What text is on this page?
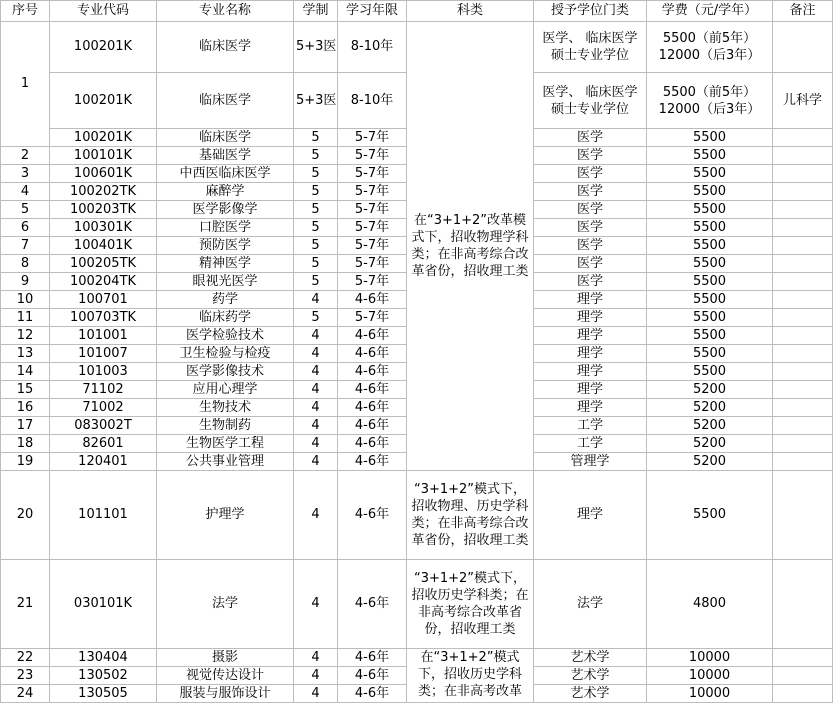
序号	专业代码	专业名称	学制	学习年限	科类	授予学位门类	学费（元/学年）	备注
1	100201K	临床医学	5+3医	8-10年	在“3+1+2”改革模式下，招收物理学科类；在非高考综合改革省份，招收理工类	医学、 临床医学硕士专业学位	5500（前5年）12000（后3年）	
	100201K	临床医学	5+3医	8-10年		医学、 临床医学硕士专业学位	5500（前5年）12000（后3年）	儿科学
	100201K	临床医学	5	5-7年		医学	5500	
2	100101K	基础医学	5	5-7年		医学	5500	
3	100601K	中西医临床医学	5	5-7年		医学	5500	
4	100202TK	麻醉学	5	5-7年		医学	5500	
5	100203TK	医学影像学	5	5-7年		医学	5500	
6	100301K	口腔医学	5	5-7年		医学	5500	
7	100401K	预防医学	5	5-7年		医学	5500	
8	100205TK	精神医学	5	5-7年		医学	5500	
9	100204TK	眼视光医学	5	5-7年		医学	5500	
10	100701	药学	4	4-6年		理学	5500	
11	100703TK	临床药学	5	5-7年		理学	5500	
12	101001	医学检验技术	4	4-6年		理学	5500	
13	101007	卫生检验与检疫	4	4-6年		理学	5500	
14	101003	医学影像技术	4	4-6年		理学	5500	
15	71102	应用心理学	4	4-6年		理学	5200	
16	71002	生物技术	4	4-6年		理学	5200	
17	083002T	生物制药	4	4-6年		工学	5200	
18	82601	生物医学工程	4	4-6年		工学	5200	
19	120401	公共事业管理	4	4-6年		管理学	5200	
20	101101	护理学	4	4-6年	“3+1+2”模式下，招收物理、历史学科类；在非高考综合改革省份，招收理工类	理学	5500	
21	030101K	法学	4	4-6年	“3+1+2”模式下，招收历史学科类；在非高考综合改革省份，招收理工类	法学	4800	
22	130404	摄影	4	4-6年	在“3+1+2”模式下，招收历史学科类；在非高考改革	艺术学	10000	
23	130502	视觉传达设计	4	4-6年		艺术学	10000	
24	130505	服装与服饰设计	4	4-6年		艺术学	10000	
